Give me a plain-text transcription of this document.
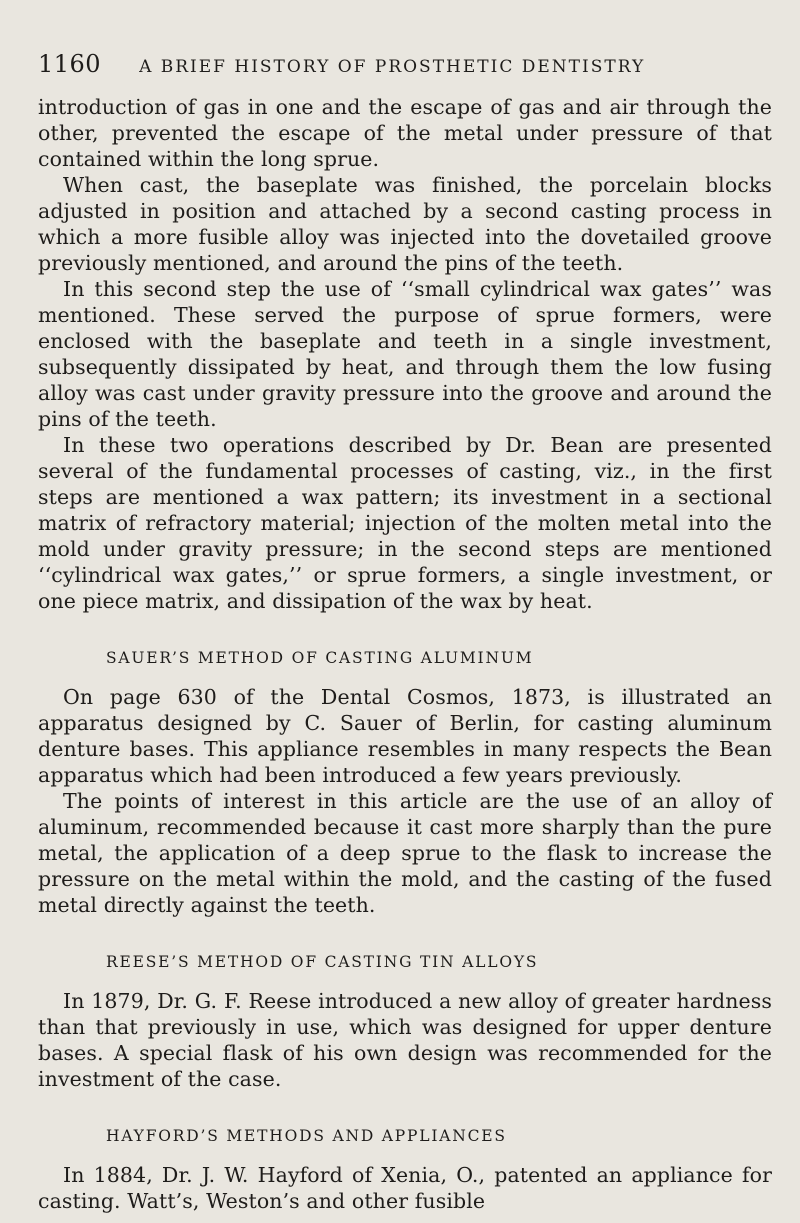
1160 A BRIEF HISTORY OF PROSTHETIC DENTISTRY

introduction of gas in one and the escape of gas and air through the other, prevented the escape of the metal under pressure of that contained within the long sprue.

When cast, the baseplate was finished, the porcelain blocks adjusted in position and attached by a second casting process in which a more fusible alloy was injected into the dovetailed groove previously mentioned, and around the pins of the teeth.

In this second step the use of ‘‘small cylindrical wax gates’’ was mentioned. These served the purpose of sprue formers, were enclosed with the baseplate and teeth in a single investment, subsequently dissipated by heat, and through them the low fusing alloy was cast under gravity pressure into the groove and around the pins of the teeth.

In these two operations described by Dr. Bean are presented several of the fundamental processes of casting, viz., in the first steps are mentioned a wax pattern; its investment in a sectional matrix of refractory material; injection of the molten metal into the mold under gravity pressure; in the second steps are mentioned ‘‘cylindrical wax gates,’’ or sprue formers, a single investment, or one piece matrix, and dissipation of the wax by heat.

SAUER’S METHOD OF CASTING ALUMINUM

On page 630 of the Dental Cosmos, 1873, is illustrated an apparatus designed by C. Sauer of Berlin, for casting aluminum denture bases. This appliance resembles in many respects the Bean apparatus which had been introduced a few years previously.

The points of interest in this article are the use of an alloy of aluminum, recommended because it cast more sharply than the pure metal, the application of a deep sprue to the flask to increase the pressure on the metal within the mold, and the casting of the fused metal directly against the teeth.

REESE’S METHOD OF CASTING TIN ALLOYS

In 1879, Dr. G. F. Reese introduced a new alloy of greater hardness than that previously in use, which was designed for upper denture bases. A special flask of his own design was recommended for the investment of the case.

HAYFORD’S METHODS AND APPLIANCES

In 1884, Dr. J. W. Hayford of Xenia, O., patented an appliance for casting. Watt’s, Weston’s and other fusible
